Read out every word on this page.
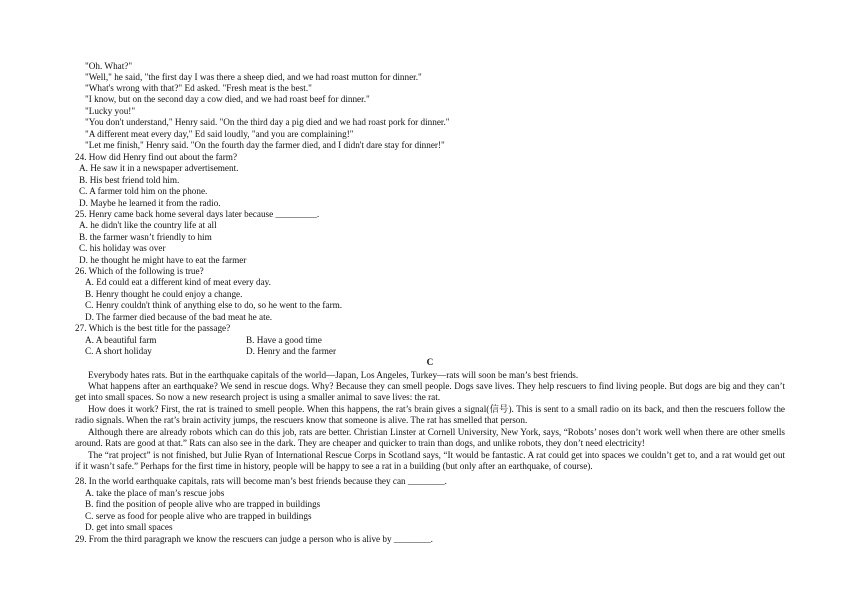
"Oh. What?"
"Well," he said, "the first day I was there a sheep died, and we had roast mutton for dinner."
"What's wrong with that?" Ed asked. "Fresh meat is the best."
"I know, but on the second day a cow died, and we had roast beef for dinner."
"Lucky you!"
"You don't understand," Henry said. "On the third day a pig died and we had roast pork for dinner."
"A different meat every day," Ed said loudly, "and you are complaining!"
"Let me finish," Henry said. "On the fourth day the farmer died, and I didn't dare stay for dinner!"
24. How did Henry find out about the farm?
A. He saw it in a newspaper advertisement.
B. His best friend told him.
C. A farmer told him on the phone.
D. Maybe he learned it from the radio.
25. Henry came back home several days later because _________.
A. he didn't like the country life at all
B. the farmer wasn’t friendly to him
C. his holiday was over
D. he thought he might have to eat the farmer
26. Which of the following is true?
A. Ed could eat a different kind of meat every day.
B. Henry thought he could enjoy a change.
C. Henry couldn't think of anything else to do, so he went to the farm.
D. The farmer died because of the bad meat he ate.
27. Which is the best title for the passage?
A. A beautiful farm	B. Have a good time
C. A short holiday	D. Henry and the farmer
C
Everybody hates rats. But in the earthquake capitals of the world—Japan, Los Angeles, Turkey—rats will soon be man’s best friends.
What happens after an earthquake? We send in rescue dogs. Why? Because they can smell people. Dogs save lives. They help rescuers to find living people. But dogs are big and they can’t get into small spaces. So now a new research project is using a smaller animal to save lives: the rat.
How does it work? First, the rat is trained to smell people. When this happens, the rat’s brain gives a signal(信号). This is sent to a small radio on its back, and then the rescuers follow the radio signals. When the rat’s brain activity jumps, the rescuers know that someone is alive. The rat has smelled that person.
Although there are already robots which can do this job, rats are better. Christian Linster at Cornell University, New York, says, “Robots’ noses don’t work well when there are other smells around. Rats are good at that.” Rats can also see in the dark. They are cheaper and quicker to train than dogs, and unlike robots, they don’t need electricity!
The “rat project” is not finished, but Julie Ryan of International Rescue Corps in Scotland says, “It would be fantastic. A rat could get into spaces we couldn’t get to, and a rat would get out if it wasn’t safe.” Perhaps for the first time in history, people will be happy to see a rat in a building (but only after an earthquake, of course).
28. In the world earthquake capitals, rats will become man’s best friends because they can ________.
A. take the place of man’s rescue jobs
B. find the position of people alive who are trapped in buildings
C. serve as food for people alive who are trapped in buildings
D. get into small spaces
29. From the third paragraph we know the rescuers can judge a person who is alive by ________.
